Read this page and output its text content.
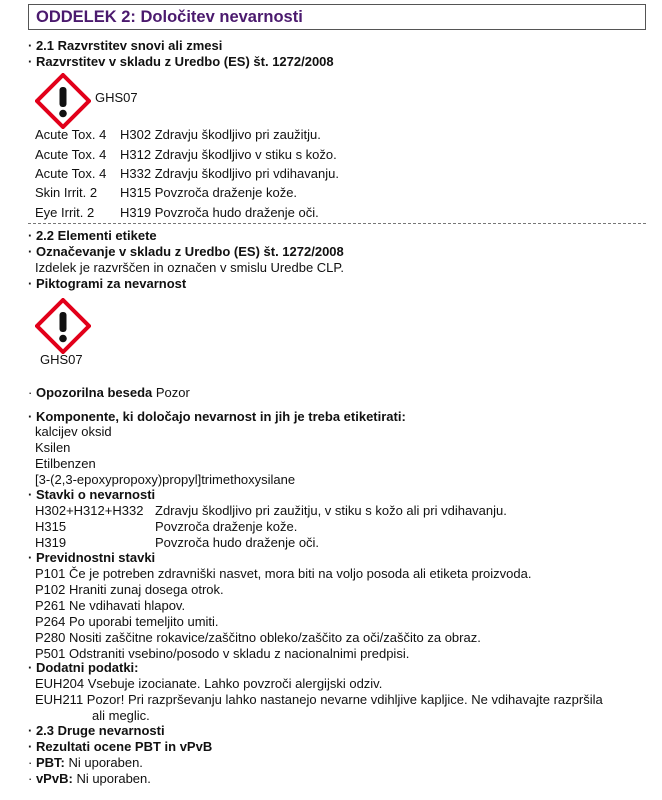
ODDELEK 2: Določitev nevarnosti
· 2.1 Razvrstitev snovi ali zmesi
· Razvrstitev v skladu z Uredbo (ES) št. 1272/2008
GHS07
Acute Tox. 4 H302 Zdravju škodljivo pri zaužitju.
Acute Tox. 4 H312 Zdravju škodljivo v stiku s kožo.
Acute Tox. 4 H332 Zdravju škodljivo pri vdihavanju.
Skin Irrit. 2 H315 Povzroča draženje kože.
Eye Irrit. 2 H319 Povzroča hudo draženje oči.
· 2.2 Elementi etikete
· Označevanje v skladu z Uredbo (ES) št. 1272/2008
Izdelek je razvrščen in označen v smislu Uredbe CLP.
· Piktogrami za nevarnost
GHS07
· Opozorilna beseda Pozor
· Komponente, ki določajo nevarnost in jih je treba etiketirati:
kalcijev oksid
Ksilen
Etilbenzen
[3-(2,3-epoxypropoxy)propyl]trimethoxysilane
· Stavki o nevarnosti
H302+H312+H332 Zdravju škodljivo pri zaužitju, v stiku s kožo ali pri vdihavanju.
H315	Povzroča draženje kože.
H319	Povzroča hudo draženje oči.
· Previdnostni stavki
P101 Če je potreben zdravniški nasvet, mora biti na voljo posoda ali etiketa proizvoda.
P102 Hraniti zunaj dosega otrok.
P261 Ne vdihavati hlapov.
P264 Po uporabi temeljito umiti.
P280 Nositi zaščitne rokavice/zaščitno obleko/zaščito za oči/zaščito za obraz.
P501 Odstraniti vsebino/posodo v skladu z nacionalnimi predpisi.
· Dodatni podatki:
EUH204 Vsebuje izocianate. Lahko povzroči alergijski odziv.
EUH211 Pozor! Pri razprševanju lahko nastanejo nevarne vdihljive kapljice. Ne vdihavajte razpršila
ali meglic.
· 2.3 Druge nevarnosti
· Rezultati ocene PBT in vPvB
· PBT: Ni uporaben.
· vPvB: Ni uporaben.
